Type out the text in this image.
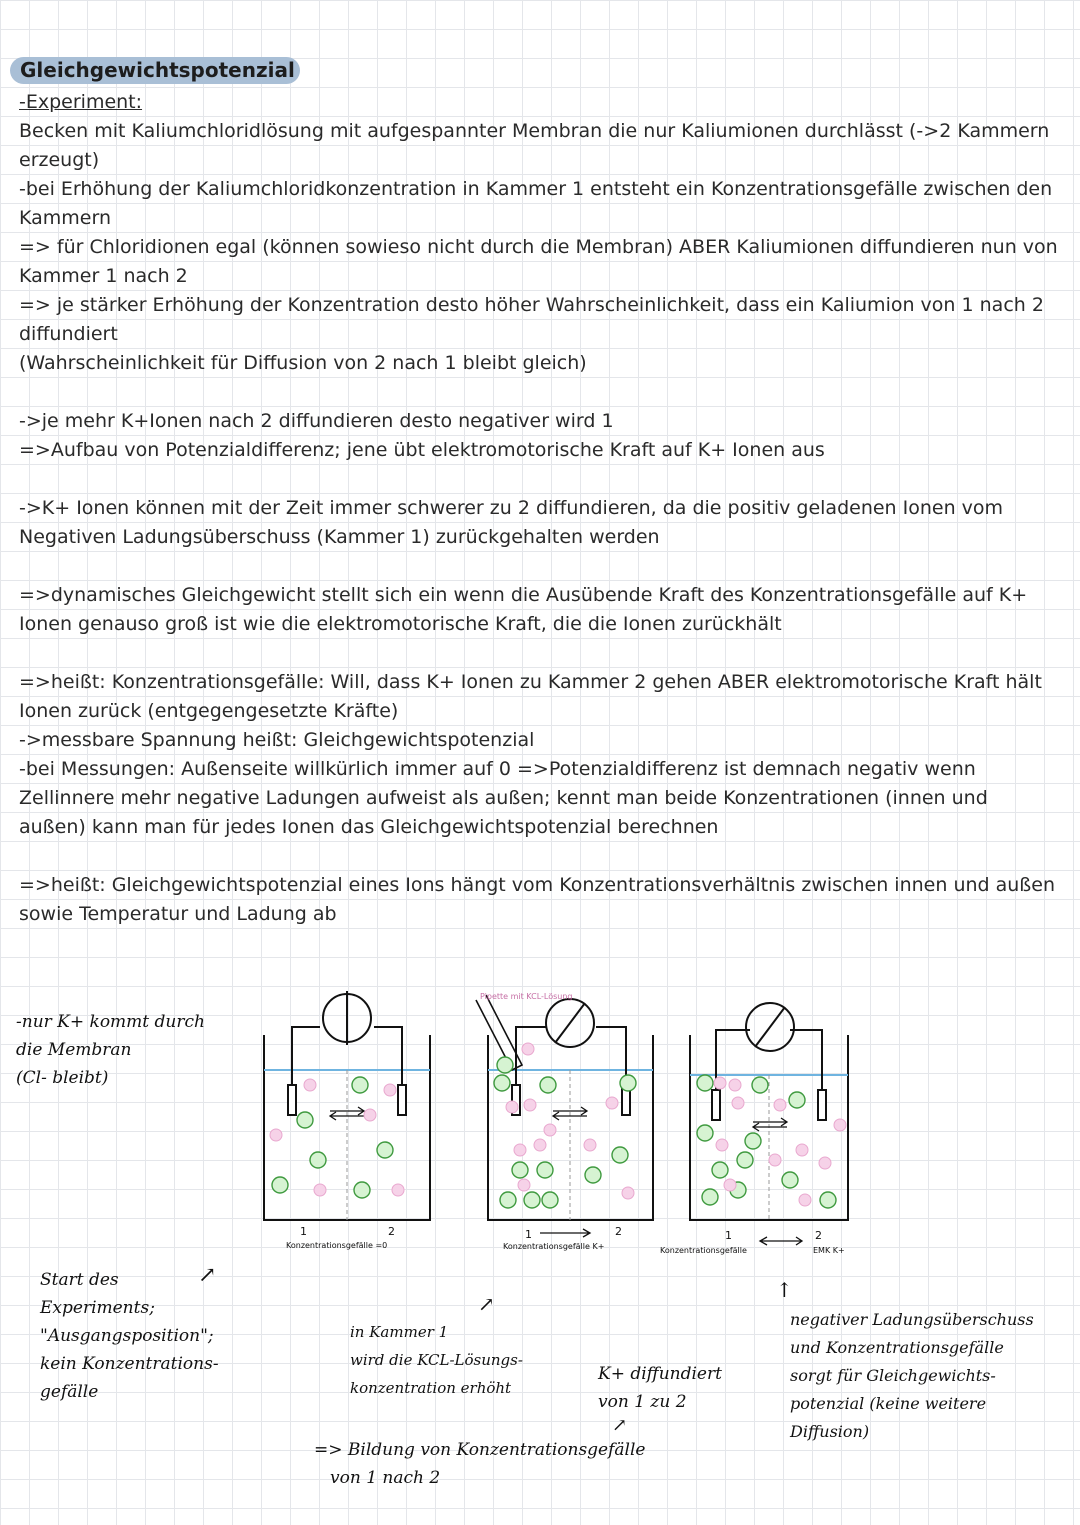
Gleichgewichtspotenzial

-Experiment:

Becken mit Kaliumchloridlösung mit aufgespannter Membran die nur Kaliumionen durchlässt (->2 Kammern erzeugt)

-bei Erhöhung der Kaliumchloridkonzentration in Kammer 1 entsteht ein Konzentrationsgefälle zwischen den Kammern

=> für Chloridionen egal (können sowieso nicht durch die Membran) ABER Kaliumionen diffundieren nun von Kammer 1 nach 2

=> je stärker Erhöhung der Konzentration desto höher Wahrscheinlichkeit, dass ein Kaliumion von 1 nach 2 diffundiert

(Wahrscheinlichkeit für Diffusion von 2 nach 1 bleibt gleich)

->je mehr K+Ionen nach 2 diffundieren desto negativer wird 1

=>Aufbau von Potenzialdifferenz; jene übt elektromotorische Kraft auf K+ Ionen aus

->K+ Ionen können mit der Zeit immer schwerer zu 2 diffundieren, da die positiv geladenen Ionen vom Negativen Ladungsüberschuss (Kammer 1) zurückgehalten werden

=>dynamisches Gleichgewicht stellt sich ein wenn die Ausübende Kraft des Konzentrationsgefälle auf K+ Ionen genauso groß ist wie die elektromotorische Kraft, die die Ionen zurückhält

=>heißt: Konzentrationsgefälle: Will, dass K+ Ionen zu Kammer 2 gehen ABER elektromotorische Kraft hält Ionen zurück (entgegengesetzte Kräfte)

->messbare Spannung heißt: Gleichgewichtspotenzial

-bei Messungen: Außenseite willkürlich immer auf 0 =>Potenzialdifferenz ist demnach negativ wenn Zellinnere mehr negative Ladungen aufweist als außen; kennt man beide Konzentrationen (innen und außen) kann man für jedes Ionen das Gleichgewichtspotenzial berechnen

=>heißt: Gleichgewichtspotenzial eines Ions hängt vom Konzentrationsverhältnis zwischen innen und außen sowie Temperatur und Ladung ab

-nur K+ kommt durch

die Membran

(Cl- bleibt)

Start des

Experiments;

"Ausgangsposition";

kein Konzentrations-

gefälle

↗

in Kammer 1

wird die KCL-Lösungs-

konzentration erhöht

↗

K+ diffundiert

von 1 zu 2

↗

=> Bildung von Konzentrationsgefälle

von 1 nach 2

↑

negativer Ladungsüberschuss

und Konzentrationsgefälle

sorgt für Gleichgewichts-

potenzial (keine weitere

Diffusion)

1	2
Konzentrationsgefälle =0
1	2
Konzentrationsgefälle K+
1	2
Konzentrationsgefälle	EMK K+
Pipette mit KCL-Lösung
